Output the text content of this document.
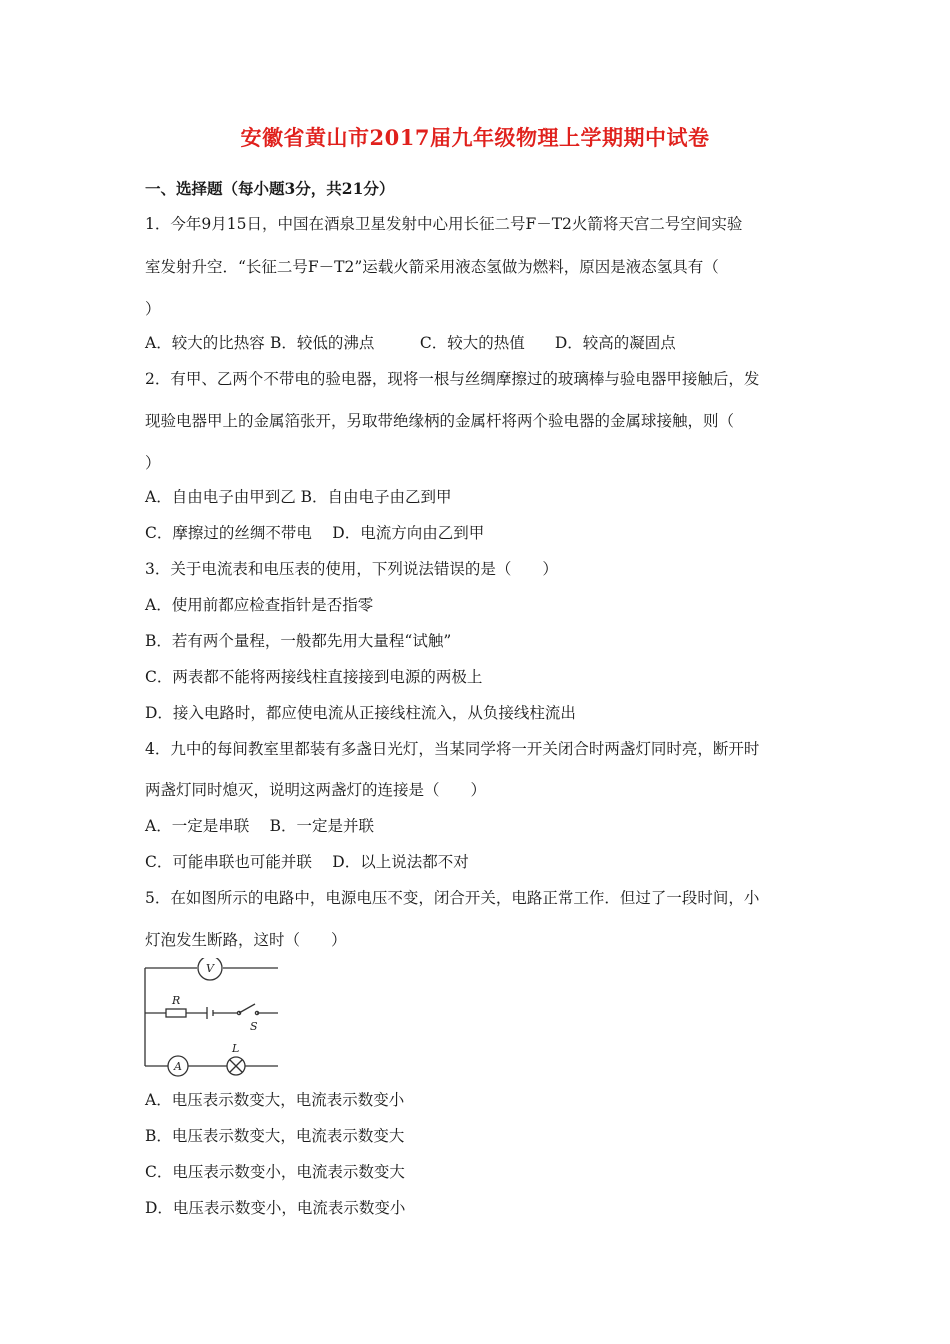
安徽省黄山市2017届九年级物理上学期期中试卷
一、选择题（每小题3分，共21分）
1．今年9月15日，中国在酒泉卫星发射中心用长征二号F－T2火箭将天宫二号空间实验
室发射升空．“长征二号F－T2”运载火箭采用液态氢做为燃料，原因是液态氢具有（
）
A．较大的比热容 B．较低的沸点	C．较大的热值 D．较高的凝固点
2．有甲、乙两个不带电的验电器，现将一根与丝绸摩擦过的玻璃棒与验电器甲接触后，发
现验电器甲上的金属箔张开，另取带绝缘柄的金属杆将两个验电器的金属球接触，则（
）
A．自由电子由甲到乙 B．自由电子由乙到甲
C．摩擦过的丝绸不带电　 D．电流方向由乙到甲
3．关于电流表和电压表的使用，下列说法错误的是（　　）
A．使用前都应检查指针是否指零
B．若有两个量程，一般都先用大量程“试触”
C．两表都不能将两接线柱直接接到电源的两极上
D．接入电路时，都应使电流从正接线柱流入，从负接线柱流出
4．九中的每间教室里都装有多盏日光灯，当某同学将一开关闭合时两盏灯同时亮，断开时
两盏灯同时熄灭，说明这两盏灯的连接是（　　）
A．一定是串联　 B．一定是并联
C．可能串联也可能并联　 D．以上说法都不对
5．在如图所示的电路中，电源电压不变，闭合开关，电路正常工作．但过了一段时间，小
灯泡发生断路，这时（　　）
V
R
S
A
L
A．电压表示数变大，电流表示数变小
B．电压表示数变大，电流表示数变大
C．电压表示数变小，电流表示数变大
D．电压表示数变小，电流表示数变小
